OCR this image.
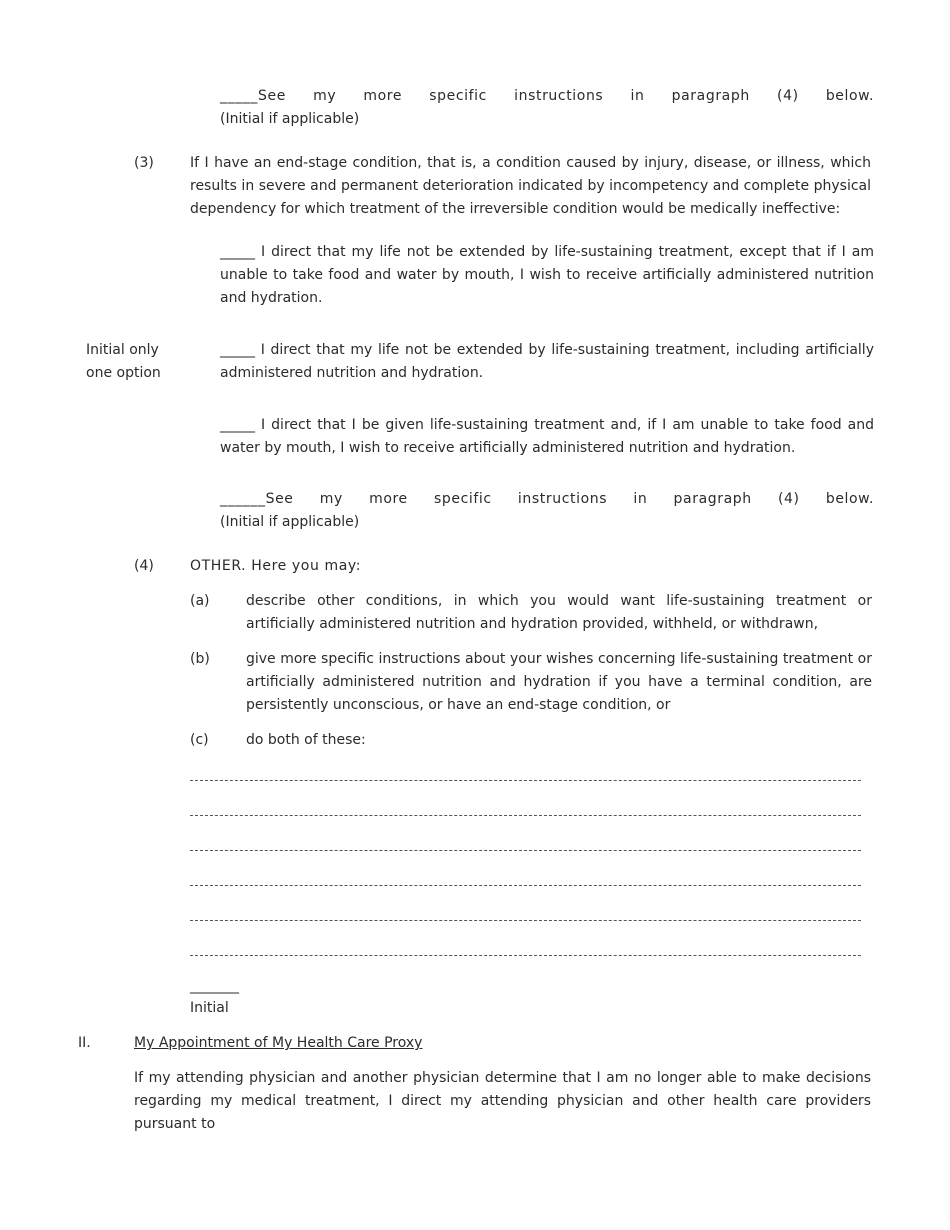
_____See my more specific instructions in paragraph (4) below.
(Initial if applicable)
(3)	If I have an end-stage condition, that is, a condition caused by injury, disease, or illness, which results in severe and permanent deterioration indicated by incompetency and complete physical dependency for which treatment of the irreversible condition would be medically ineffective:
_____ I direct that my life not be extended by life-sustaining treatment, except that if I am unable to take food and water by mouth, I wish to receive artificially administered nutrition and hydration.
Initial only
one option
_____ I direct that my life not be extended by life-sustaining treatment, including artificially administered nutrition and hydration.
_____ I direct that I be given life-sustaining treatment and, if I am unable to take food and water by mouth, I wish to receive artificially administered nutrition and hydration.
______See my more specific instructions in paragraph (4) below.
(Initial if applicable)
(4)	OTHER. Here you may:
(a)	describe other conditions, in which you would want life-sustaining treatment or artificially administered nutrition and hydration provided, withheld, or withdrawn,
(b)	give more specific instructions about your wishes concerning life-sustaining treatment or artificially administered nutrition and hydration if you have a terminal condition, are persistently unconscious, or have an end-stage condition, or
(c)	do both of these:
_______
Initial
II.	My Appointment of My Health Care Proxy
If my attending physician and another physician determine that I am no longer able to make decisions regarding my medical treatment, I direct my attending physician and other health care providers pursuant to
